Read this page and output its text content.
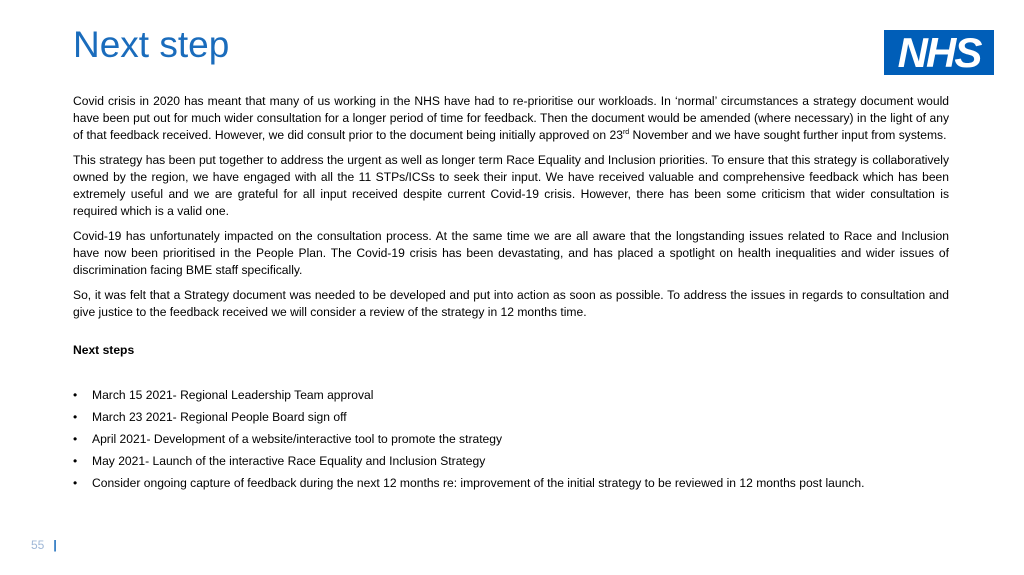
Next step	NHS

Covid crisis in 2020 has meant that many of us working in the NHS have had to re-prioritise our workloads. In ‘normal’ circumstances a strategy document would have been put out for much wider consultation for a longer period of time for feedback. Then the document would be amended (where necessary) in the light of any of that feedback received. However, we did consult prior to the document being initially approved on 23rd November and we have sought further input from systems.

This strategy has been put together to address the urgent as well as longer term Race Equality and Inclusion priorities. To ensure that this strategy is collaboratively owned by the region, we have engaged with all the 11 STPs/ICSs to seek their input. We have received valuable and comprehensive feedback which has been extremely useful and we are grateful for all input received despite current Covid-19 crisis. However, there has been some criticism that wider consultation is required which is a valid one.

Covid-19 has unfortunately impacted on the consultation process. At the same time we are all aware that the longstanding issues related to Race and Inclusion have now been prioritised in the People Plan. The Covid-19 crisis has been devastating, and has placed a spotlight on health inequalities and wider issues of discrimination facing BME staff specifically.

So, it was felt that a Strategy document was needed to be developed and put into action as soon as possible. To address the issues in regards to consultation and give justice to the feedback received we will consider a review of the strategy in 12 months time.

Next steps
• March 15 2021- Regional Leadership Team approval
• March 23 2021- Regional People Board sign off
• April 2021- Development of a website/interactive tool to promote the strategy
• May 2021- Launch of the interactive Race Equality and Inclusion Strategy
• Consider ongoing capture of feedback during the next 12 months re: improvement of the initial strategy to be reviewed in 12 months post launch.
55 |
